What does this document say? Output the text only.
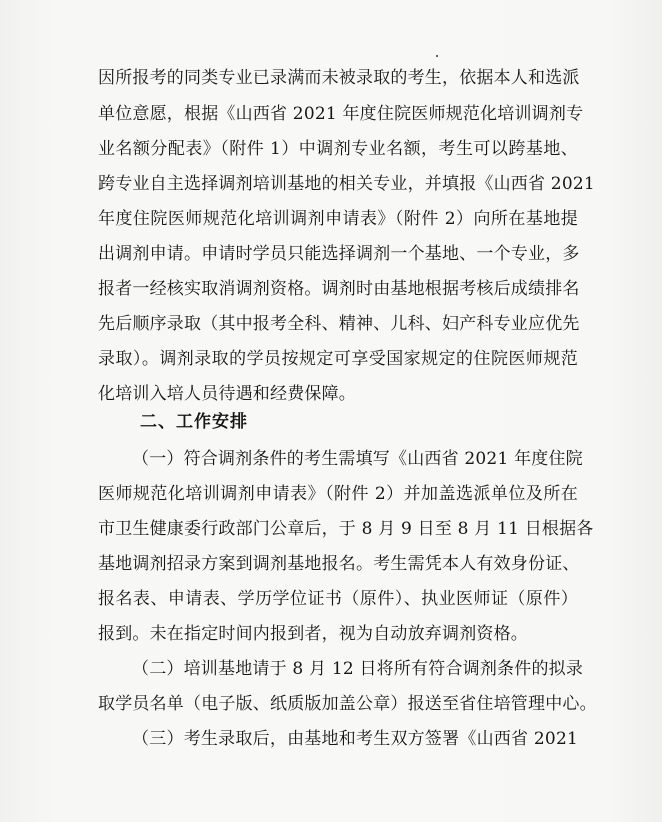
因所报考的同类专业已录满而未被录取的考生，依据本人和选派
单位意愿，根据《山西省 2021 年度住院医师规范化培训调剂专
业名额分配表》（附件 1）中调剂专业名额，考生可以跨基地、
跨专业自主选择调剂培训基地的相关专业，并填报《山西省 2021
年度住院医师规范化培训调剂申请表》（附件 2）向所在基地提
出调剂申请。申请时学员只能选择调剂一个基地、一个专业，多
报者一经核实取消调剂资格。调剂时由基地根据考核后成绩排名
先后顺序录取（其中报考全科、精神、儿科、妇产科专业应优先
录取）。调剂录取的学员按规定可享受国家规定的住院医师规范
化培训入培人员待遇和经费保障。
二、工作安排
（一）符合调剂条件的考生需填写《山西省 2021 年度住院
医师规范化培训调剂申请表》（附件 2）并加盖选派单位及所在
市卫生健康委行政部门公章后，于 8 月 9 日至 8 月 11 日根据各
基地调剂招录方案到调剂基地报名。考生需凭本人有效身份证、
报名表、申请表、学历学位证书（原件）、执业医师证（原件）
报到。未在指定时间内报到者，视为自动放弃调剂资格。
（二）培训基地请于 8 月 12 日将所有符合调剂条件的拟录
取学员名单（电子版、纸质版加盖公章）报送至省住培管理中心。
（三）考生录取后，由基地和考生双方签署《山西省 2021
